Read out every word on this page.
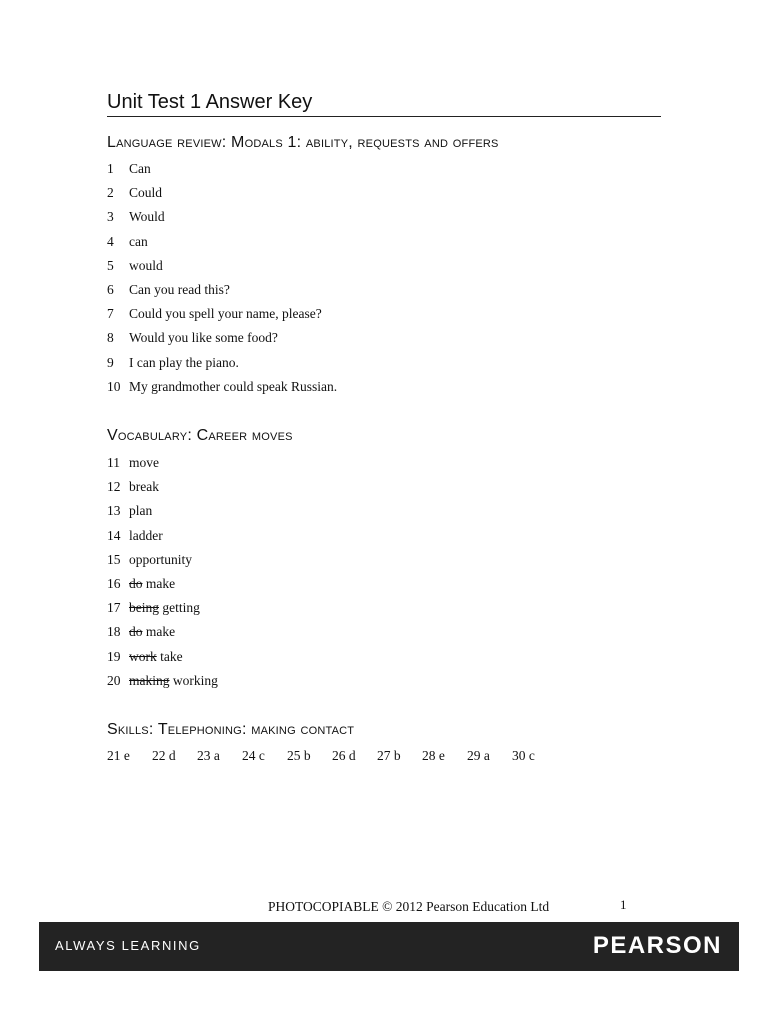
Unit Test 1 Answer Key
Language review: Modals 1: ability, requests and offers
1 Can
2 Could
3 Would
4 can
5 would
6 Can you read this?
7 Could you spell your name, please?
8 Would you like some food?
9 I can play the piano.
10 My grandmother could speak Russian.
Vocabulary: Career moves
11 move
12 break
13 plan
14 ladder
15 opportunity
16 do make
17 being getting
18 do make
19 work take
20 making working
Skills: Telephoning: making contact
21 e 22 d 23 a 24 c 25 b 26 d 27 b 28 e 29 a 30 c
PHOTOCOPIABLE © 2012 Pearson Education Ltd	1
ALWAYS LEARNING	PEARSON
